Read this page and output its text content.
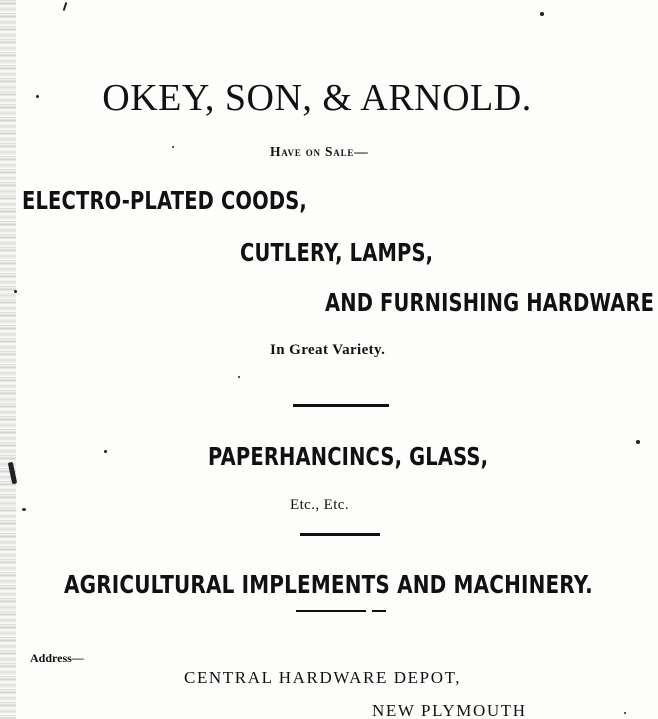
OKEY, SON, & ARNOLD.
Have on Sale—
ELECTRO-PLATED COODS,
CUTLERY, LAMPS,
AND FURNISHING HARDWARE
In Great Variety.
PAPERHANCINCS, GLASS,
Etc., Etc.
AGRICULTURAL IMPLEMENTS AND MACHINERY.
Address—
CENTRAL HARDWARE DEPOT,
NEW PLYMOUTH
